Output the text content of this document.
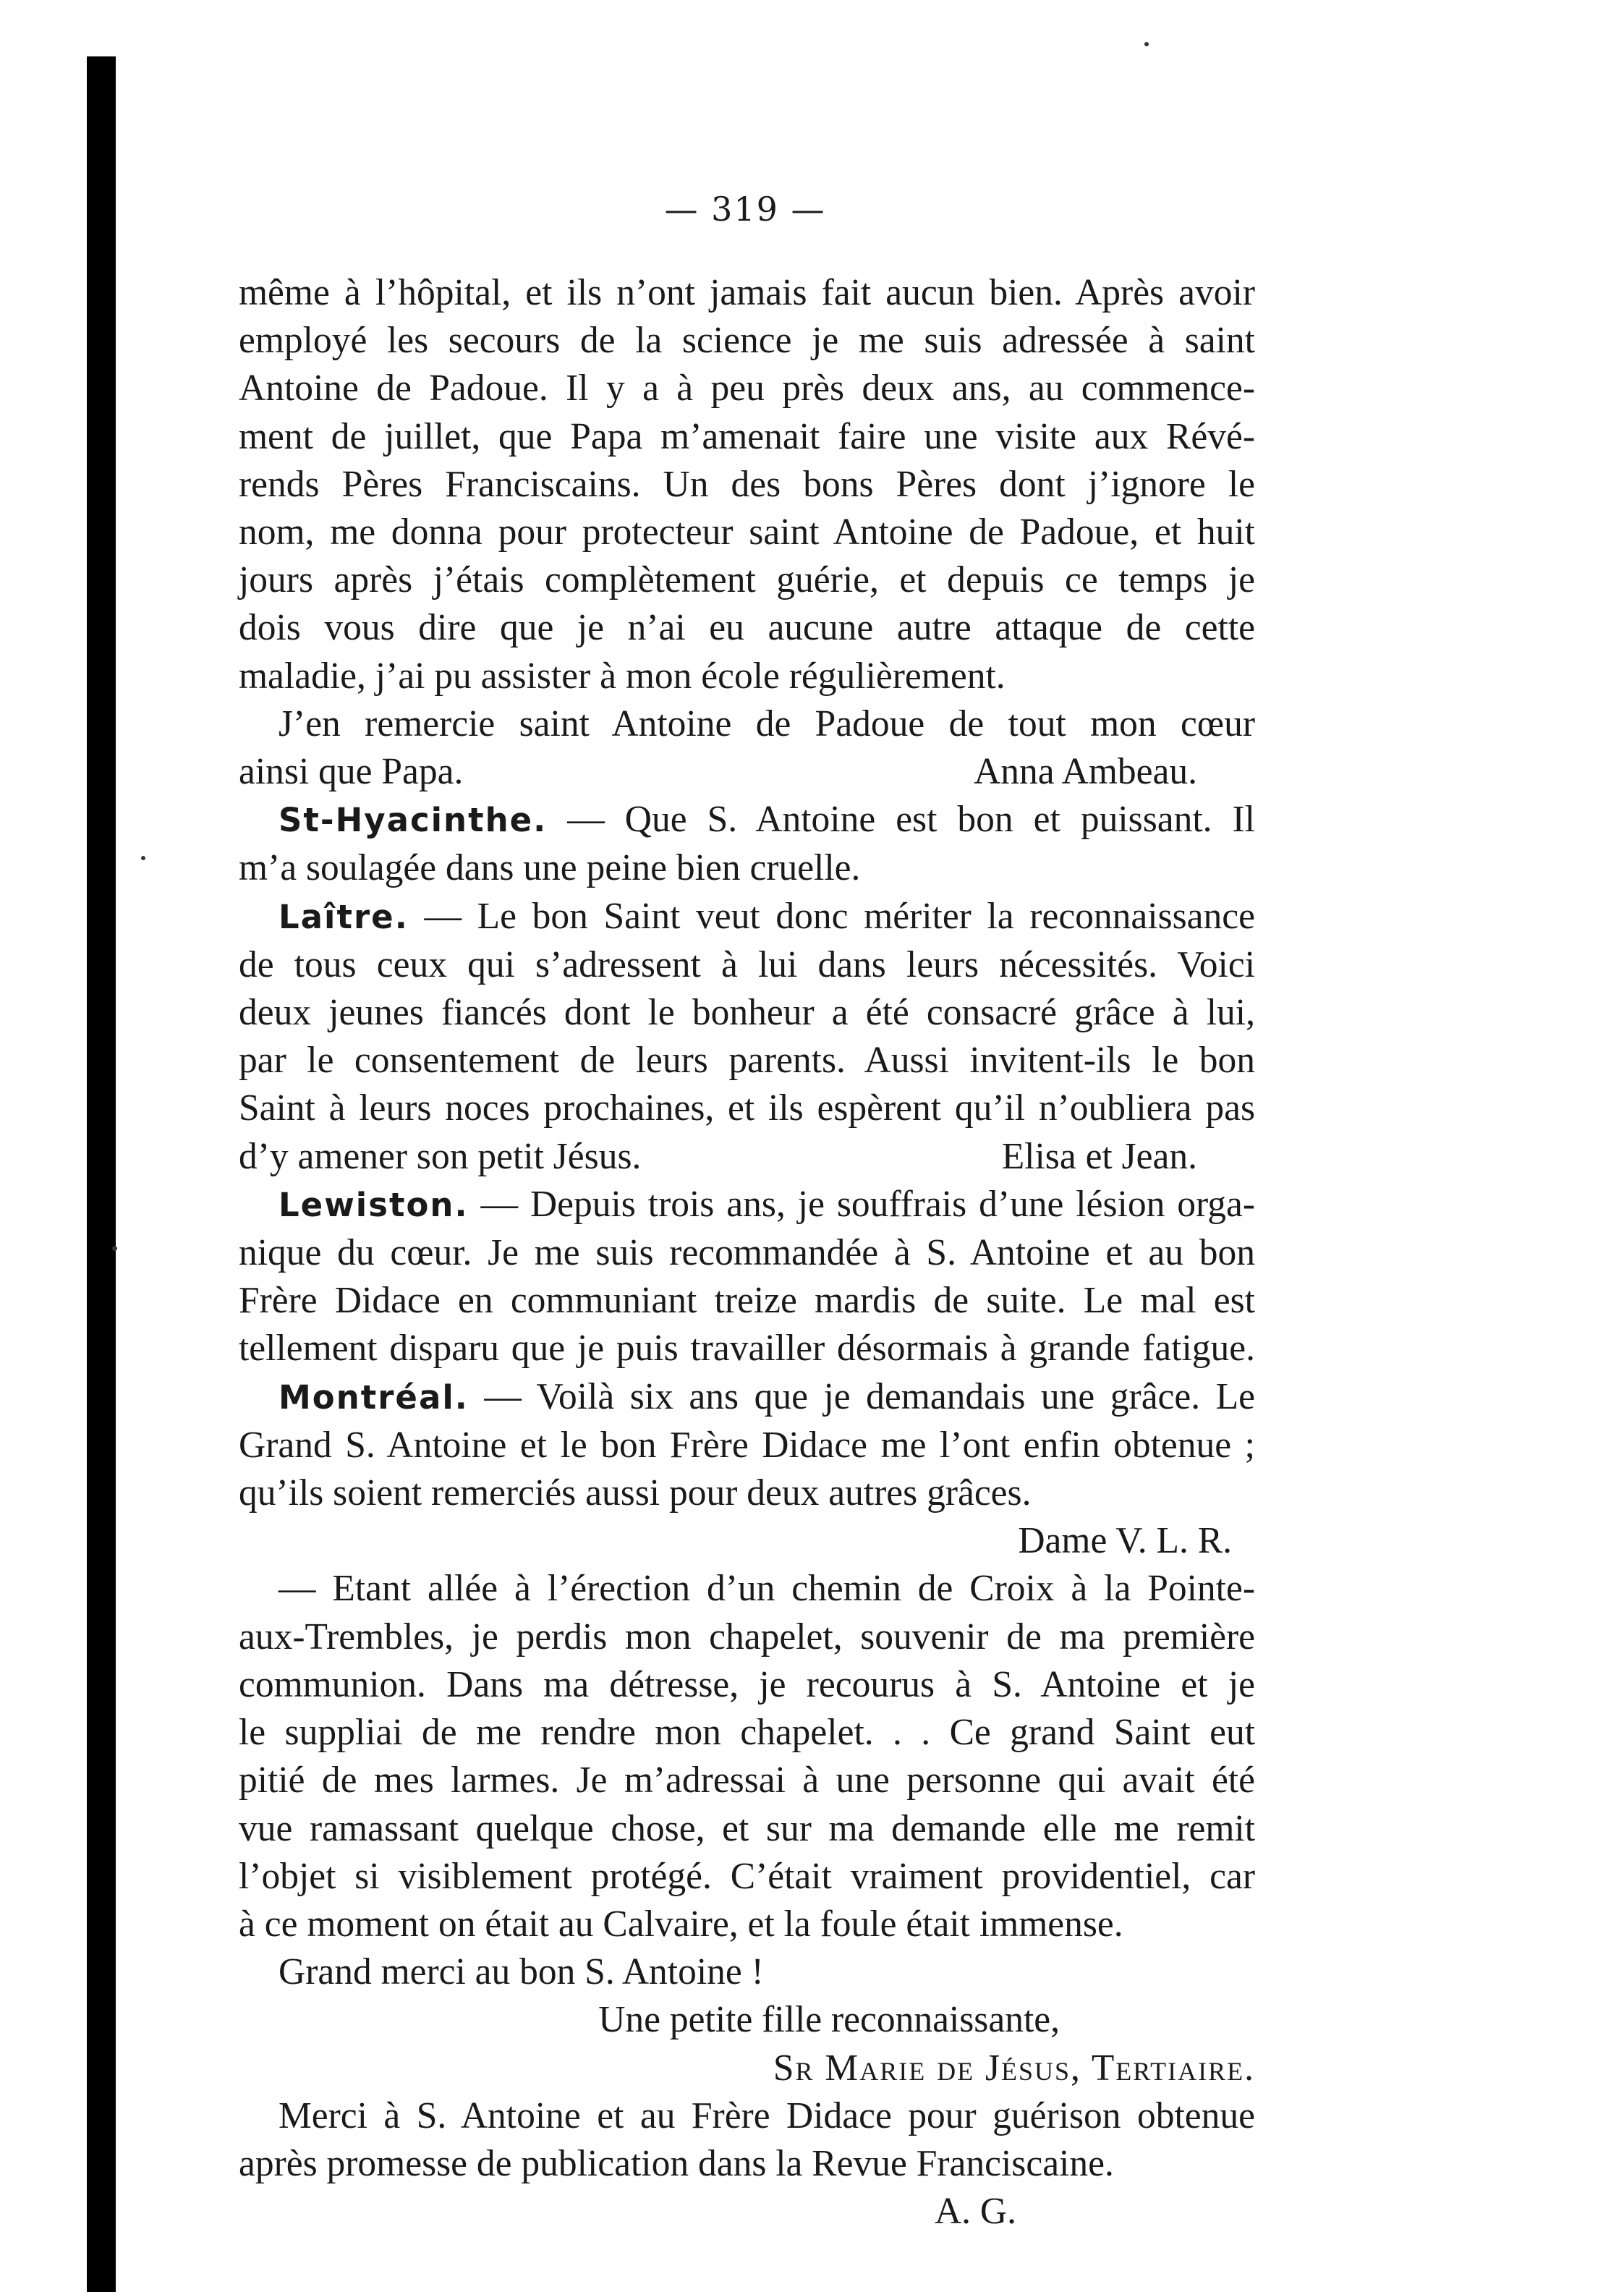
— 319 —
même à l’hôpital, et ils n’ont jamais fait aucun bien. Après avoir
employé les secours de la science je me suis adressée à saint
Antoine de Padoue. Il y a à peu près deux ans, au commence-
ment de juillet, que Papa m’amenait faire une visite aux Révé-
rends Pères Franciscains. Un des bons Pères dont j’ignore le
nom, me donna pour protecteur saint Antoine de Padoue, et huit
jours après j’étais complètement guérie, et depuis ce temps je
dois vous dire que je n’ai eu aucune autre attaque de cette
maladie, j’ai pu assister à mon école régulièrement.
J’en remercie saint Antoine de Padoue de tout mon cœur
ainsi que Papa.	Anna Ambeau.
St-Hyacinthe. — Que S. Antoine est bon et puissant. Il
m’a soulagée dans une peine bien cruelle.
Laître. — Le bon Saint veut donc mériter la reconnaissance
de tous ceux qui s’adressent à lui dans leurs nécessités. Voici
deux jeunes fiancés dont le bonheur a été consacré grâce à lui,
par le consentement de leurs parents. Aussi invitent-ils le bon
Saint à leurs noces prochaines, et ils espèrent qu’il n’oubliera pas
d’y amener son petit Jésus.	Elisa et Jean.
Lewiston. — Depuis trois ans, je souffrais d’une lésion orga-
nique du cœur. Je me suis recommandée à S. Antoine et au bon
Frère Didace en communiant treize mardis de suite. Le mal est
tellement disparu que je puis travailler désormais à grande fatigue.
Montréal. — Voilà six ans que je demandais une grâce. Le
Grand S. Antoine et le bon Frère Didace me l’ont enfin obtenue ;
qu’ils soient remerciés aussi pour deux autres grâces.
Dame V. L. R.
— Etant allée à l’érection d’un chemin de Croix à la Pointe-
aux-Trembles, je perdis mon chapelet, souvenir de ma première
communion. Dans ma détresse, je recourus à S. Antoine et je
le suppliai de me rendre mon chapelet. . . Ce grand Saint eut
pitié de mes larmes. Je m’adressai à une personne qui avait été
vue ramassant quelque chose, et sur ma demande elle me remit
l’objet si visiblement protégé. C’était vraiment providentiel, car
à ce moment on était au Calvaire, et la foule était immense.
Grand merci au bon S. Antoine !
Une petite fille reconnaissante,
Sr Marie de Jésus, Tertiaire.
Merci à S. Antoine et au Frère Didace pour guérison obtenue
après promesse de publication dans la Revue Franciscaine.
A. G.
